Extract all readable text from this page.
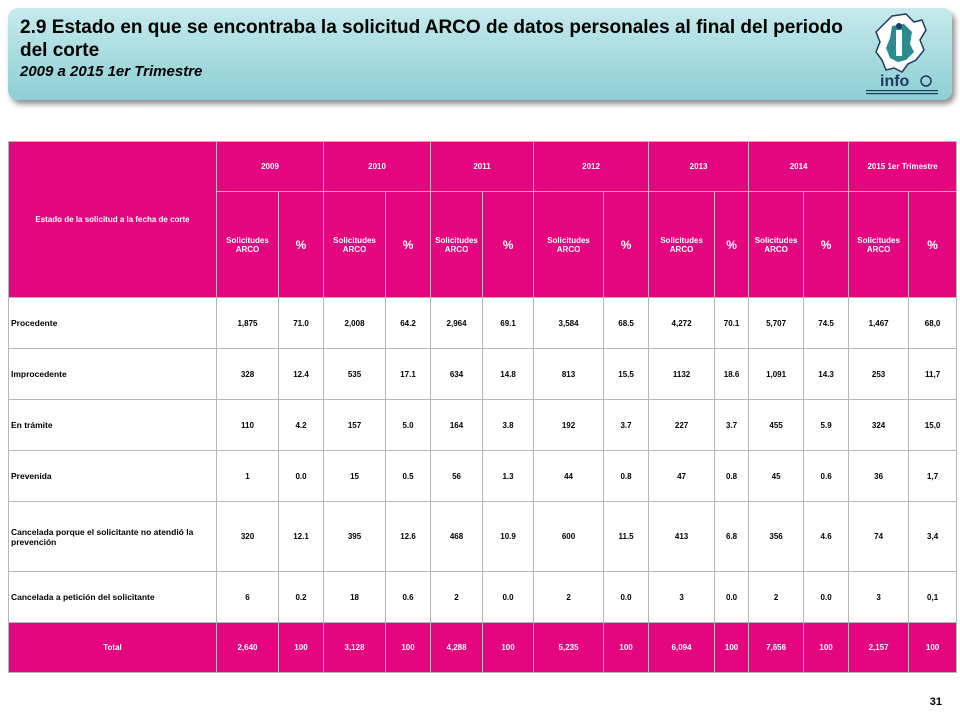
2.9 Estado en que se encontraba la solicitud ARCO de datos personales al final del periodo del corte
2009 a 2015 1er Trimestre
info
Estado de la solicitud a la fecha de corte	2009		2010		2011		2012		2013		2014		2015 1er Trimestre	
	Solicitudes ARCO	%	Solicitudes ARCO	%	Solicitudes ARCO	%	Solicitudes ARCO	%	Solicitudes ARCO	%	Solicitudes ARCO	%	Solicitudes ARCO	%
Procedente	1,875	71.0	2,008	64.2	2,964	69.1	3,584	68.5	4,272	70.1	5,707	74.5	1,467	68,0
Improcedente	328	12.4	535	17.1	634	14.8	813	15.5	1132	18.6	1,091	14.3	253	11,7
En trámite	110	4.2	157	5.0	164	3.8	192	3.7	227	3.7	455	5.9	324	15,0
Prevenida	1	0.0	15	0.5	56	1.3	44	0.8	47	0.8	45	0.6	36	1,7
Cancelada porque el solicitante no atendió la prevención	320	12.1	395	12.6	468	10.9	600	11.5	413	6.8	356	4.6	74	3,4
Cancelada a petición del solicitante	6	0.2	18	0.6	2	0.0	2	0.0	3	0.0	2	0.0	3	0,1
Total	2,640	100	3,128	100	4,288	100	5,235	100	6,094	100	7,656	100	2,157	100
31
